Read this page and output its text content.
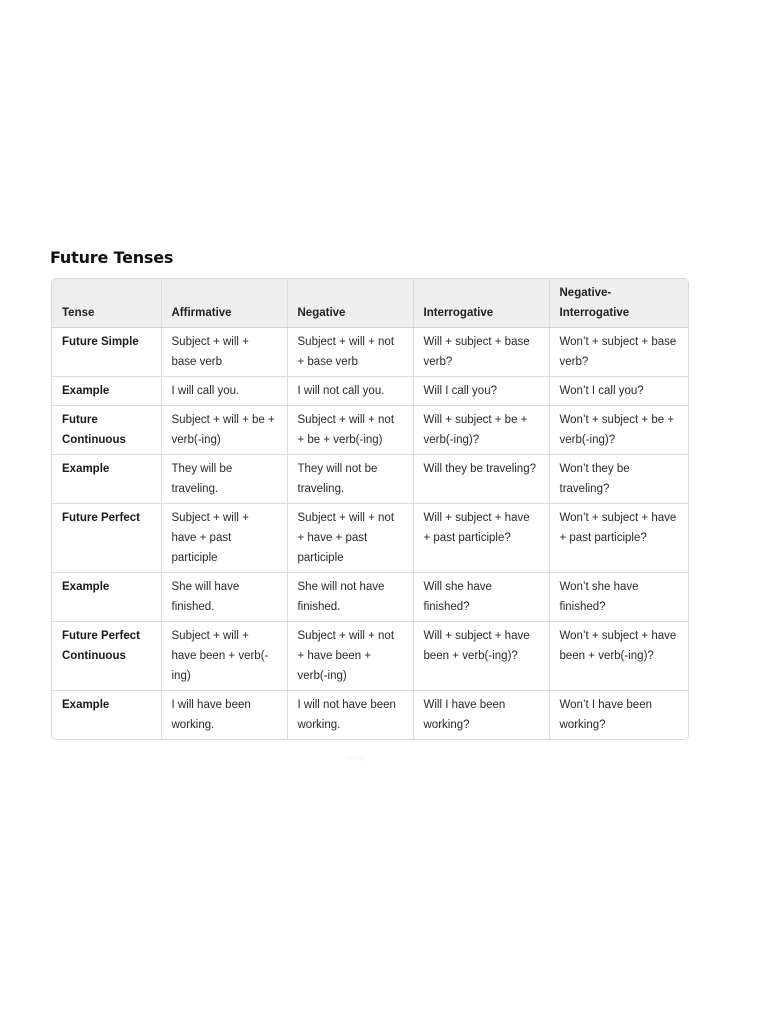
Future Tenses
Tense	Affirmative	Negative	Interrogative	Negative-Interrogative
Future Simple	Subject + will + base verb	Subject + will + not + base verb	Will + subject + base verb?	Won’t + subject + base verb?
Example	I will call you.	I will not call you.	Will I call you?	Won’t I call you?
Future Continuous	Subject + will + be + verb(-ing)	Subject + will + not + be + verb(-ing)	Will + subject + be + verb(-ing)?	Won’t + subject + be + verb(-ing)?
Example	They will be traveling.	They will not be traveling.	Will they be traveling?	Won’t they be traveling?
Future Perfect	Subject + will + have + past participle	Subject + will + not + have + past participle	Will + subject + have + past participle?	Won’t + subject + have + past participle?
Example	She will have finished.	She will not have finished.	Will she have finished?	Won’t she have finished?
Future Perfect Continuous	Subject + will + have been + verb(-ing)	Subject + will + not + have been + verb(-ing)	Will + subject + have been + verb(-ing)?	Won’t + subject + have been + verb(-ing)?
Example	I will have been working.	I will not have been working.	Will I have been working?	Won’t I have been working?
